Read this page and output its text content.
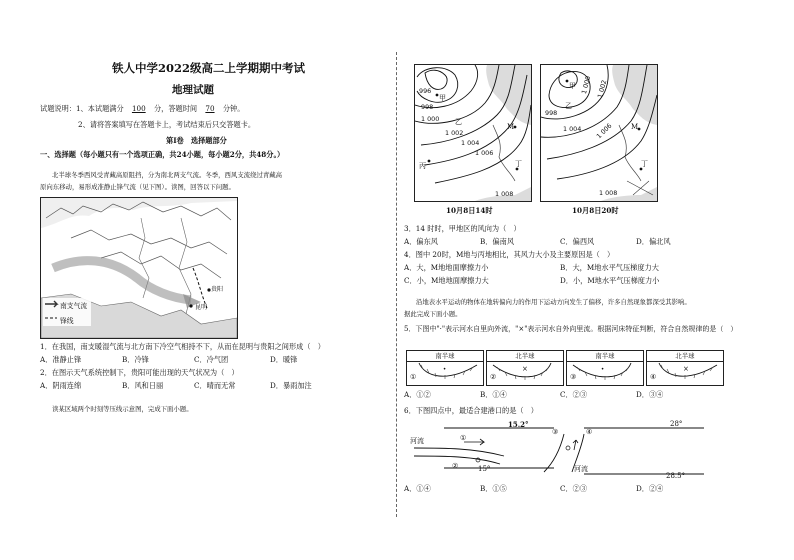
铁人中学2022级高二上学期期中考试
地理试题
试题说明：1、本试题满分 100 分，答题时间 70 分钟。
2、请将答案填写在答题卡上，考试结束后只交答题卡。
第Ⅰ卷　选择题部分
一、选择题（每小题只有一个选项正确，共24小题，每小题2分，共48分。）
北半球冬季西风受青藏高原阻挡，分为南北两支气流。冬季，西风支流绕过青藏高
原向东移动，易形成准静止锋气流（见下图）。读图，回答以下问题。
南支气流
锋线
贵阳
昆明
1．在我国，南支暖湿气流与北方南下冷空气相持不下，从而在昆明与贵阳之间形成（　）
A．准静止锋	B．冷锋	C．冷气团	D．暖锋
2．在图示天气系统控制下，贵阳可能出现的天气状况为（　）
A．阴雨连绵	B．风和日丽	C．晴而无常	D．暴雨加注
读某区域两个时刻等压线示意图，完成下面小题。
996
998
1 000
1 002
1 004
1 006
1 008
甲
乙
丙
M
丁
10月8日14时
998
1 000 1 002
1 004 1 006
1 008
甲
乙
M
丁
10月8日20时
3．14 时时，甲地区的风向为（　）
A．偏东风	B．偏南风	C．偏西风	D．偏北风
4．图中 20时，M地与丙地相比，其风力大小及主要原因是（　）
A．大，M地地面摩擦力小	B．大，M地水平气压梯度力大
C．小，M地地面摩擦力大	D．小，M地水平气压梯度力小
沿地表水平运动的物体在地转偏向力的作用下运动方向发生了偏移，许多自然现象都深受其影响。
据此完成下面小题。
5．下图中"·"表示河水自里向外流，"×"表示河水自外向里流。根据河床特征判断，符合自然规律的是（　）
南半球
①
·
北半球
②
×
南半球
③
·
北半球
④
×
A．①②	B．①④	C．②③	D．③④
6．下图四点中，最适合建港口的是（　）
15.2°
15°
28°
28.5°
河流
河流
①
②
③	④
A．①④	B．①⑤	C．②③	D．②④
